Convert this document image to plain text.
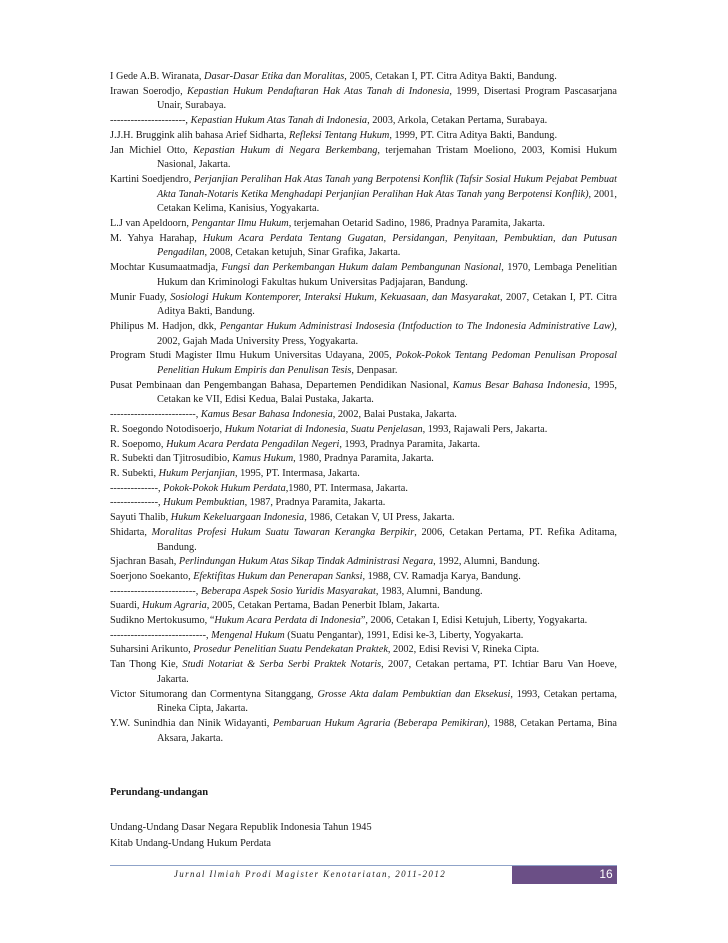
I Gede A.B. Wiranata, Dasar-Dasar Etika dan Moralitas, 2005, Cetakan I, PT. Citra Aditya Bakti, Bandung.

Irawan Soerodjo, Kepastian Hukum Pendaftaran Hak Atas Tanah di Indonesia, 1999, Disertasi Program Pascasarjana Unair, Surabaya.

----------------------, Kepastian Hukum Atas Tanah di Indonesia, 2003, Arkola, Cetakan Pertama, Surabaya.

J.J.H. Bruggink alih bahasa Arief Sidharta, Refleksi Tentang Hukum, 1999, PT. Citra Aditya Bakti, Bandung.

Jan Michiel Otto, Kepastian Hukum di Negara Berkembang, terjemahan Tristam Moeliono, 2003, Komisi Hukum Nasional, Jakarta.

Kartini Soedjendro, Perjanjian Peralihan Hak Atas Tanah yang Berpotensi Konflik (Tafsir Sosial Hukum Pejabat Pembuat Akta Tanah-Notaris Ketika Menghadapi Perjanjian Peralihan Hak Atas Tanah yang Berpotensi Konflik), 2001, Cetakan Kelima, Kanisius, Yogyakarta.

L.J van Apeldoorn, Pengantar Ilmu Hukum, terjemahan Oetarid Sadino, 1986, Pradnya Paramita, Jakarta.

M. Yahya Harahap, Hukum Acara Perdata Tentang Gugatan, Persidangan, Penyitaan, Pembuktian, dan Putusan Pengadilan, 2008, Cetakan ketujuh, Sinar Grafika, Jakarta.

Mochtar Kusumaatmadja, Fungsi dan Perkembangan Hukum dalam Pembangunan Nasional, 1970, Lembaga Penelitian Hukum dan Kriminologi Fakultas hukum Universitas Padjajaran, Bandung.

Munir Fuady, Sosiologi Hukum Kontemporer, Interaksi Hukum, Kekuasaan, dan Masyarakat, 2007, Cetakan I, PT. Citra Aditya Bakti, Bandung.

Philipus M. Hadjon, dkk, Pengantar Hukum Administrasi Indosesia (Intfoduction to The Indonesia Administrative Law), 2002, Gajah Mada University Press, Yogyakarta.

Program Studi Magister Ilmu Hukum Universitas Udayana, 2005, Pokok-Pokok Tentang Pedoman Penulisan Proposal Penelitian Hukum Empiris dan Penulisan Tesis, Denpasar.

Pusat Pembinaan dan Pengembangan Bahasa, Departemen Pendidikan Nasional, Kamus Besar Bahasa Indonesia, 1995, Cetakan ke VII, Edisi Kedua, Balai Pustaka, Jakarta.

-------------------------, Kamus Besar Bahasa Indonesia, 2002, Balai Pustaka, Jakarta.

R. Soegondo Notodisoerjo, Hukum Notariat di Indonesia, Suatu Penjelasan, 1993, Rajawali Pers, Jakarta.

R. Soepomo, Hukum Acara Perdata Pengadilan Negeri, 1993, Pradnya Paramita, Jakarta.

R. Subekti dan Tjitrosudibio, Kamus Hukum, 1980, Pradnya Paramita, Jakarta.

R. Subekti, Hukum Perjanjian, 1995, PT. Intermasa, Jakarta.

--------------, Pokok-Pokok Hukum Perdata,1980, PT. Intermasa, Jakarta.

--------------, Hukum Pembuktian, 1987, Pradnya Paramita, Jakarta.

Sayuti Thalib, Hukum Kekeluargaan Indonesia, 1986, Cetakan V, UI Press, Jakarta.

Shidarta, Moralitas Profesi Hukum Suatu Tawaran Kerangka Berpikir, 2006, Cetakan Pertama, PT. Refika Aditama, Bandung.

Sjachran Basah, Perlindungan Hukum Atas Sikap Tindak Administrasi Negara, 1992, Alumni, Bandung.

Soerjono Soekanto, Efektifitas Hukum dan Penerapan Sanksi, 1988, CV. Ramadja Karya, Bandung.

-------------------------, Beberapa Aspek Sosio Yuridis Masyarakat, 1983, Alumni, Bandung.

Suardi, Hukum Agraria, 2005, Cetakan Pertama, Badan Penerbit Iblam, Jakarta.

Sudikno Mertokusumo, “Hukum Acara Perdata di Indonesia”, 2006, Cetakan I, Edisi Ketujuh, Liberty, Yogyakarta.

----------------------------, Mengenal Hukum (Suatu Pengantar), 1991, Edisi ke-3, Liberty, Yogyakarta.

Suharsini Arikunto, Prosedur Penelitian Suatu Pendekatan Praktek, 2002, Edisi Revisi V, Rineka Cipta.

Tan Thong Kie, Studi Notariat & Serba Serbi Praktek Notaris, 2007, Cetakan pertama, PT. Ichtiar Baru Van Hoeve, Jakarta.

Victor Situmorang dan Cormentyna Sitanggang, Grosse Akta dalam Pembuktian dan Eksekusi, 1993, Cetakan pertama, Rineka Cipta, Jakarta.

Y.W. Sunindhia dan Ninik Widayanti, Pembaruan Hukum Agraria (Beberapa Pemikiran), 1988, Cetakan Pertama, Bina Aksara, Jakarta.

Perundang-undangan

Undang-Undang Dasar Negara Republik Indonesia Tahun 1945

Kitab Undang-Undang Hukum Perdata

Jurnal Ilmiah Prodi Magister Kenotariatan, 2011-2012	16
